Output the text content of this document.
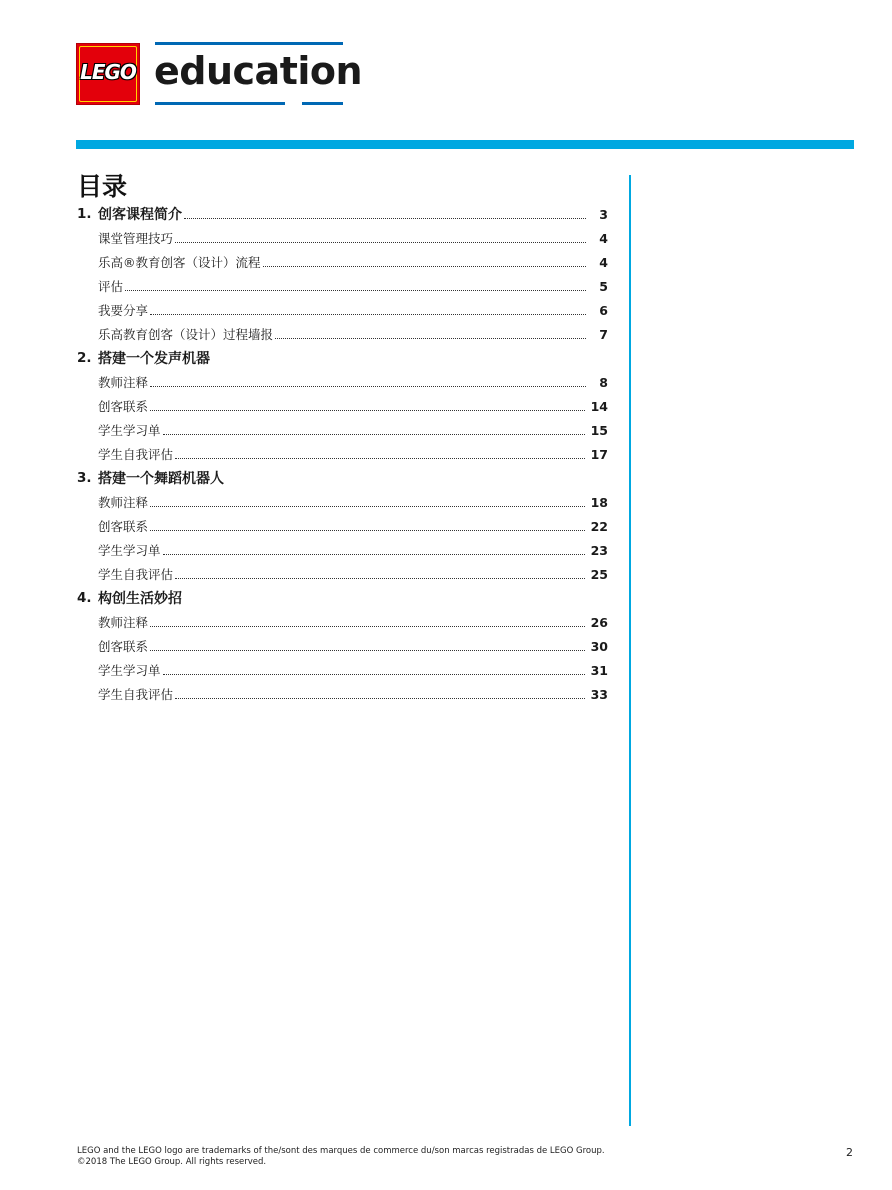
LEGO education
目录
1. 创客课程简介	3
课堂管理技巧	4
乐高®教育创客（设计）流程	4
评估	5
我要分享	6
乐高教育创客（设计）过程墙报	7
2. 搭建一个发声机器
教师注释	8
创客联系	14
学生学习单	15
学生自我评估	17
3. 搭建一个舞蹈机器人
教师注释	18
创客联系	22
学生学习单	23
学生自我评估	25
4. 构创生活妙招
教师注释	26
创客联系	30
学生学习单	31
学生自我评估	33
LEGO and the LEGO logo are trademarks of the/sont des marques de commerce du/son marcas registradas de LEGO Group.
©2018 The LEGO Group. All rights reserved.
2
